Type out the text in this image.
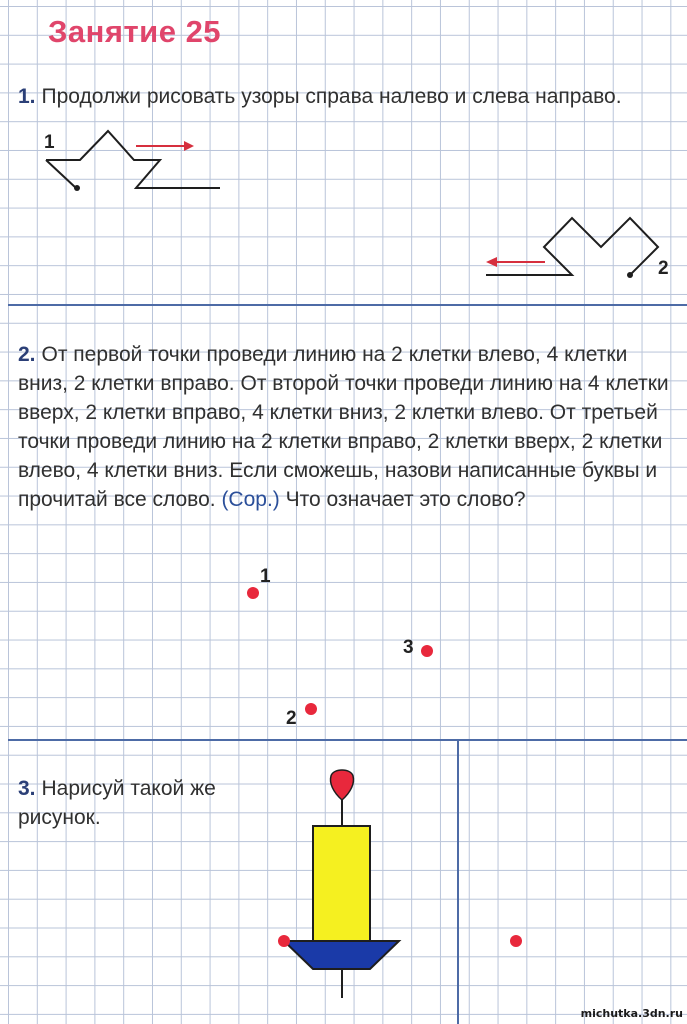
Занятие 25
1. Продолжи рисовать узоры справа налево и слева направо.
1
2
2. От первой точки проведи линию на 2 клетки влево, 4 клетки вниз, 2 клетки вправо. От второй точки проведи линию на 4 клетки вверх, 2 клетки вправо, 4 клетки вниз, 2 клетки влево. От третьей точки проведи линию на 2 клетки вправо, 2 клетки вверх, 2 клетки влево, 4 клетки вниз. Если сможешь, назови написанные буквы и прочитай все слово. (Сор.) Что означает это слово?
1
2
3
3. Нарисуй такой же рисунок.
michutka.3dn.ru
